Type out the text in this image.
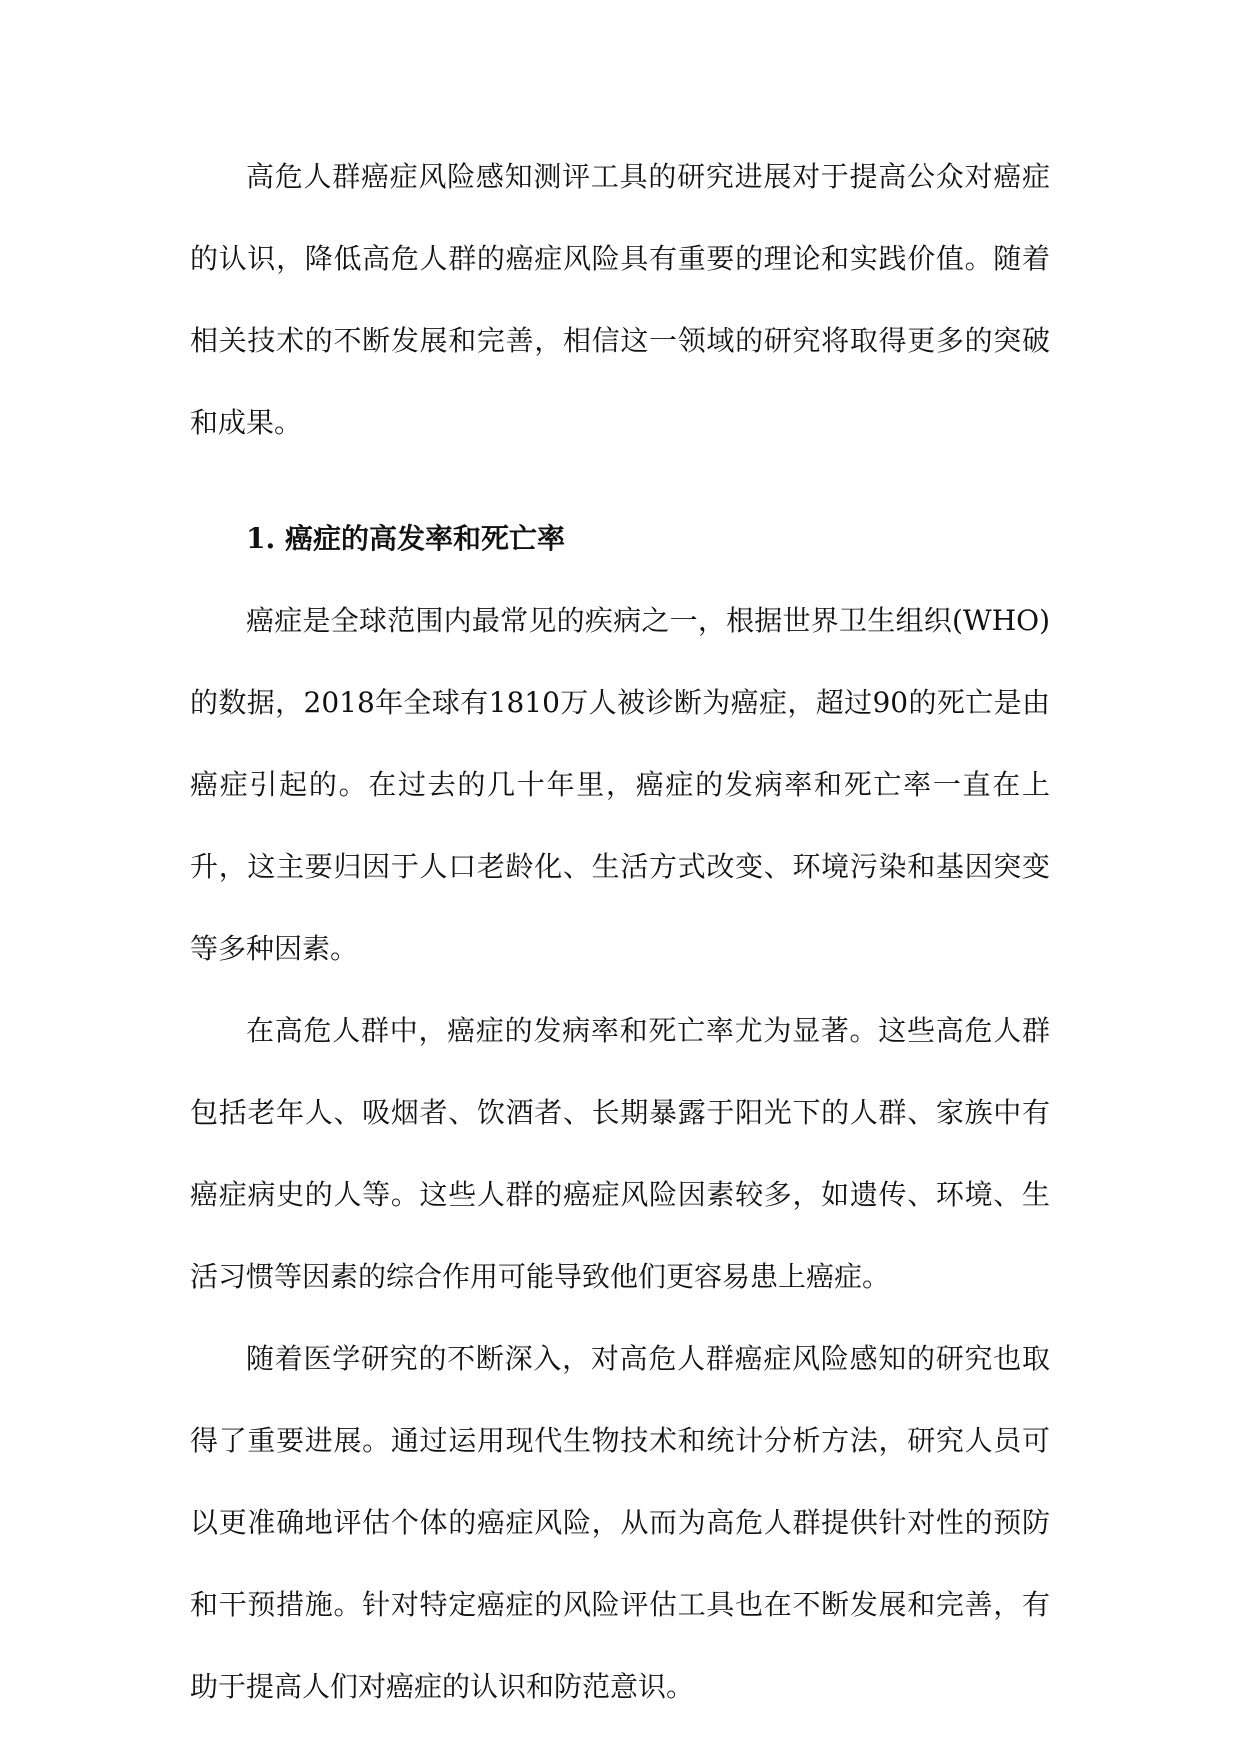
高危人群癌症风险感知测评工具的研究进展对于提高公众对癌症的认识，降低高危人群的癌症风险具有重要的理论和实践价值。随着相关技术的不断发展和完善，相信这一领域的研究将取得更多的突破和成果。

1. 癌症的高发率和死亡率

癌症是全球范围内最常见的疾病之一，根据世界卫生组织(WHO)的数据，2018年全球有1810万人被诊断为癌症，超过90的死亡是由癌症引起的。在过去的几十年里，癌症的发病率和死亡率一直在上升，这主要归因于人口老龄化、生活方式改变、环境污染和基因突变等多种因素。

在高危人群中，癌症的发病率和死亡率尤为显著。这些高危人群包括老年人、吸烟者、饮酒者、长期暴露于阳光下的人群、家族中有癌症病史的人等。这些人群的癌症风险因素较多，如遗传、环境、生活习惯等因素的综合作用可能导致他们更容易患上癌症。

随着医学研究的不断深入，对高危人群癌症风险感知的研究也取得了重要进展。通过运用现代生物技术和统计分析方法，研究人员可以更准确地评估个体的癌症风险，从而为高危人群提供针对性的预防和干预措施。针对特定癌症的风险评估工具也在不断发展和完善，有助于提高人们对癌症的认识和防范意识。
